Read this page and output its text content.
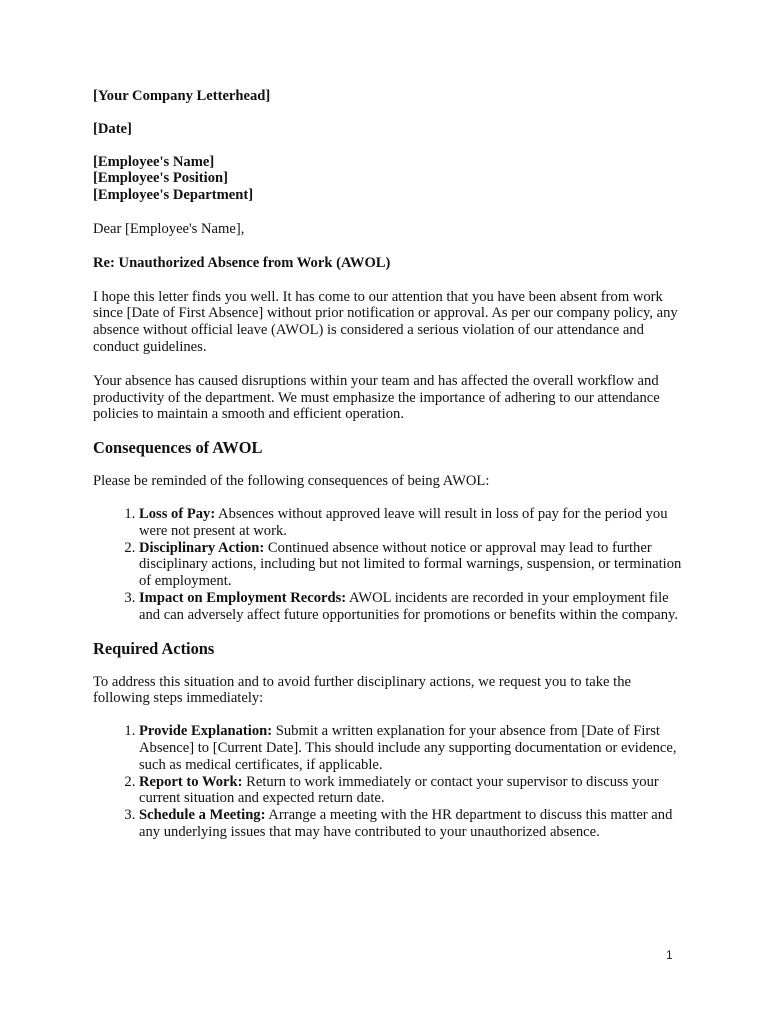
[Your Company Letterhead]

[Date]

[Employee's Name]

[Employee's Position]

[Employee's Department]

Dear [Employee's Name],

Re: Unauthorized Absence from Work (AWOL)

I hope this letter finds you well. It has come to our attention that you have been absent from work since [Date of First Absence] without prior notification or approval. As per our company policy, any absence without official leave (AWOL) is considered a serious violation of our attendance and conduct guidelines.

Your absence has caused disruptions within your team and has affected the overall workflow and productivity of the department. We must emphasize the importance of adhering to our attendance policies to maintain a smooth and efficient operation.

Consequences of AWOL

Please be reminded of the following consequences of being AWOL:

1. Loss of Pay: Absences without approved leave will result in loss of pay for the period you were not present at work.
2. Disciplinary Action: Continued absence without notice or approval may lead to further disciplinary actions, including but not limited to formal warnings, suspension, or termination of employment.
3. Impact on Employment Records: AWOL incidents are recorded in your employment file and can adversely affect future opportunities for promotions or benefits within the company.
Required Actions

To address this situation and to avoid further disciplinary actions, we request you to take the following steps immediately:

1. Provide Explanation: Submit a written explanation for your absence from [Date of First Absence] to [Current Date]. This should include any supporting documentation or evidence, such as medical certificates, if applicable.
2. Report to Work: Return to work immediately or contact your supervisor to discuss your current situation and expected return date.
3. Schedule a Meeting: Arrange a meeting with the HR department to discuss this matter and any underlying issues that may have contributed to your unauthorized absence.
1
